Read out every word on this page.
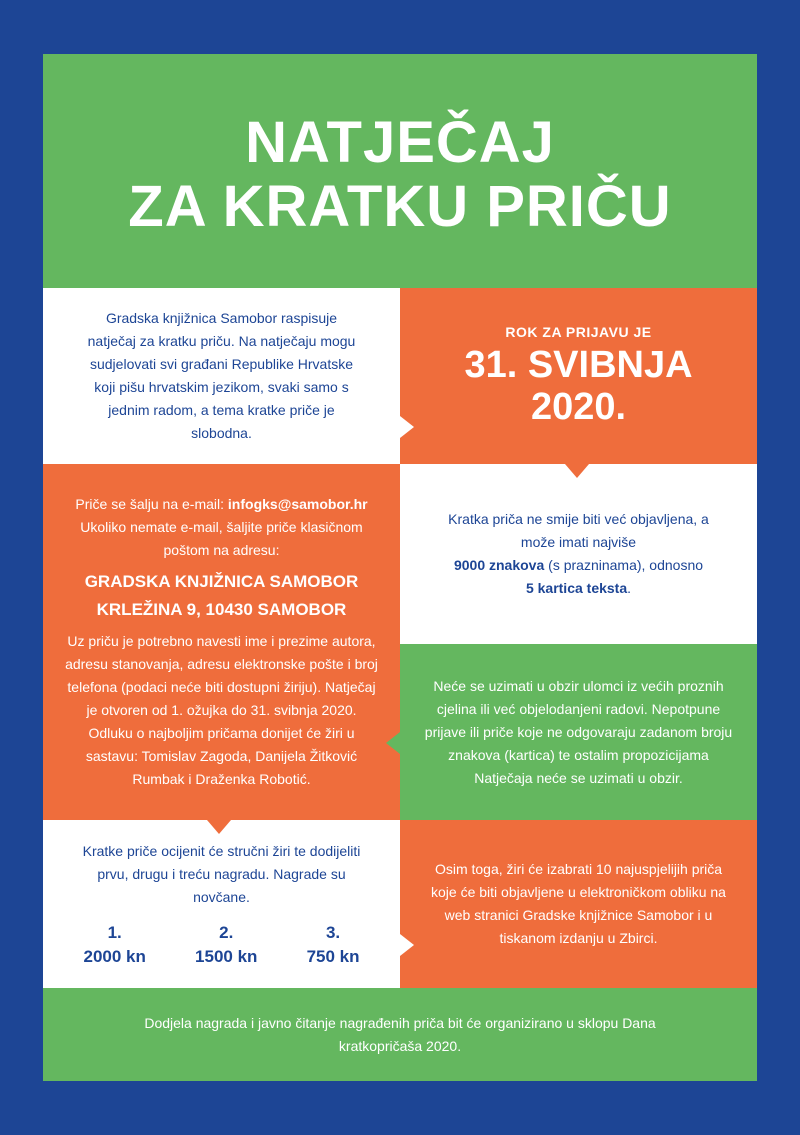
NATJEČAJ
ZA KRATKU PRIČU

Gradska knjižnica Samobor raspisuje natječaj za kratku priču. Na natječaju mogu sudjelovati svi građani Republike Hrvatske koji pišu hrvatskim jezikom, svaki samo s jednim radom, a tema kratke priče je slobodna.

ROK ZA PRIJAVU JE

31. SVIBNJA 2020.

Priče se šalju na e-mail: infogks@samobor.hr

Ukoliko nemate e-mail, šaljite priče klasičnom poštom na adresu:

GRADSKA KNJIŽNICA SAMOBOR
KRLEŽINA 9, 10430 SAMOBOR

Uz priču je potrebno navesti ime i prezime autora, adresu stanovanja, adresu elektronske pošte i broj telefona (podaci neće biti dostupni žiriju). Natječaj je otvoren od 1. ožujka do 31. svibnja 2020. Odluku o najboljim pričama donijet će žiri u sastavu: Tomislav Zagoda, Danijela Žitković Rumbak i Draženka Robotić.

Kratka priča ne smije biti već objavljena, a može imati najviše
9000 znakova (s prazninama), odnosno
5 kartica teksta.

Neće se uzimati u obzir ulomci iz većih proznih cjelina ili već objelodanjeni radovi. Nepotpune prijave ili priče koje ne odgovaraju zadanom broju znakova (kartica) te ostalim propozicijama Natječaja neće se uzimati u obzir.

Kratke priče ocijenit će stručni žiri te dodijeliti prvu, drugu i treću nagradu. Nagrade su novčane.

1.
2000 kn
2.
1500 kn
3.
750 kn

Osim toga, žiri će izabrati 10 najuspjelijih priča koje će biti objavljene u elektroničkom obliku na web stranici Gradske knjižnice Samobor i u tiskanom izdanju u Zbirci.

Dodjela nagrada i javno čitanje nagrađenih priča bit će organizirano u sklopu Dana kratkopričaša 2020.
